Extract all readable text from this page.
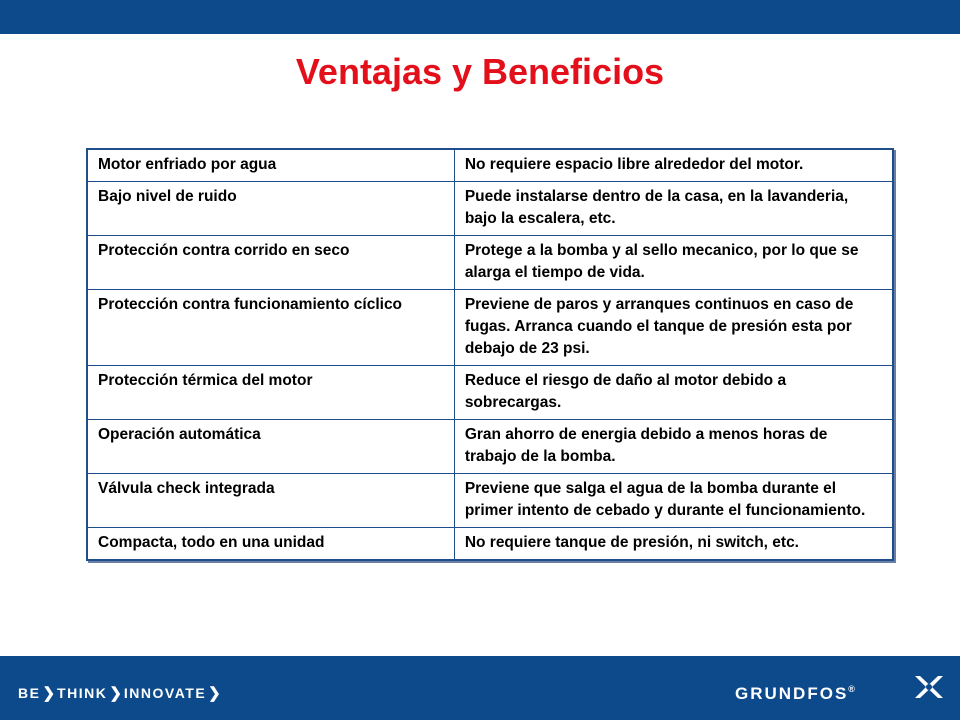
Ventajas y Beneficios
Motor enfriado por agua	No requiere espacio libre alrededor del motor.
Bajo nivel de ruido	Puede instalarse dentro de la casa, en la lavanderia, bajo la escalera, etc.
Protección contra corrido en seco	Protege a la bomba y al sello mecanico, por lo que se alarga el tiempo de vida.
Protección contra funcionamiento cíclico	Previene de paros y arranques continuos en caso de fugas. Arranca cuando el tanque de presión esta por debajo de 23 psi.
Protección térmica del motor	Reduce el riesgo de daño al motor debido a sobrecargas.
Operación automática	Gran ahorro de energia debido a menos horas de trabajo de la bomba.
Válvula check integrada	Previene que salga el agua de la bomba durante el primer intento de cebado y durante el funcionamiento.
Compacta, todo en una unidad	No requiere tanque de presión, ni switch, etc.
BE ❯ THINK ❯ INNOVATE ❯	GRUNDFOS®
